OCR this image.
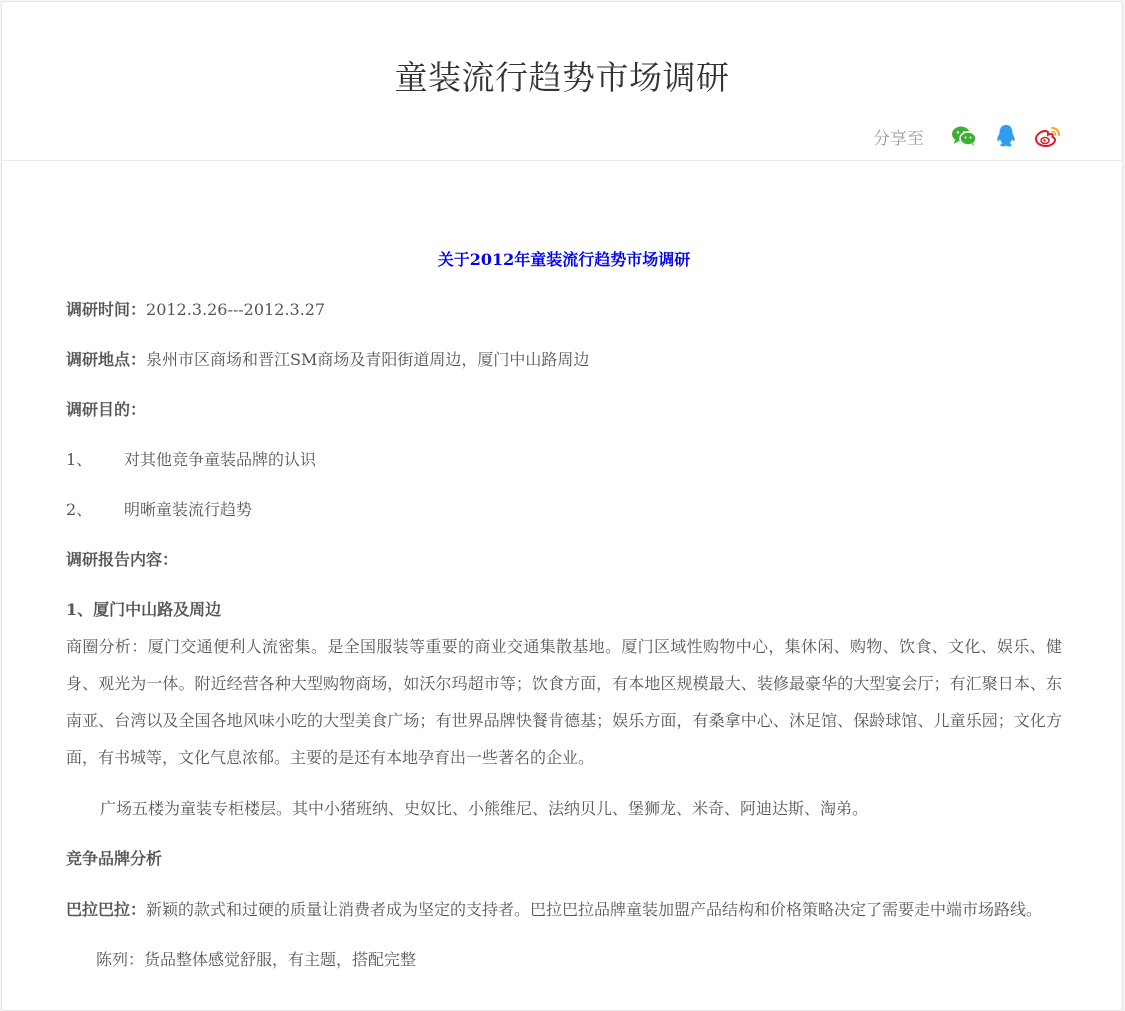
童装流行趋势市场调研
分享至
关于2012年童装流行趋势市场调研
调研时间：2012.3.26---2012.3.27
调研地点：泉州市区商场和晋江SM商场及青阳街道周边，厦门中山路周边
调研目的：
1、 对其他竞争童装品牌的认识
2、 明晰童装流行趋势
调研报告内容：
1、厦门中山路及周边

商圈分析：厦门交通便利人流密集。是全国服装等重要的商业交通集散基地。厦门区域性购物中心，集休闲、购物、饮食、文化、娱乐、健身、观光为一体。附近经营各种大型购物商场，如沃尔玛超市等；饮食方面，有本地区规模最大、装修最豪华的大型宴会厅；有汇聚日本、东南亚、台湾以及全国各地风味小吃的大型美食广场；有世界品牌快餐肯德基；娱乐方面，有桑拿中心、沐足馆、保龄球馆、儿童乐园；文化方面，有书城等，文化气息浓郁。主要的是还有本地孕育出一些著名的企业。

广场五楼为童装专柜楼层。其中小猪班纳、史奴比、小熊维尼、法纳贝儿、堡狮龙、米奇、阿迪达斯、淘弟。

竞争品牌分析
巴拉巴拉： 新颖的款式和过硬的质量让消费者成为坚定的支持者。巴拉巴拉品牌童装加盟产品结构和价格策略决定了需要走中端市场路线。
陈列：货品整体感觉舒服，有主题，搭配完整
